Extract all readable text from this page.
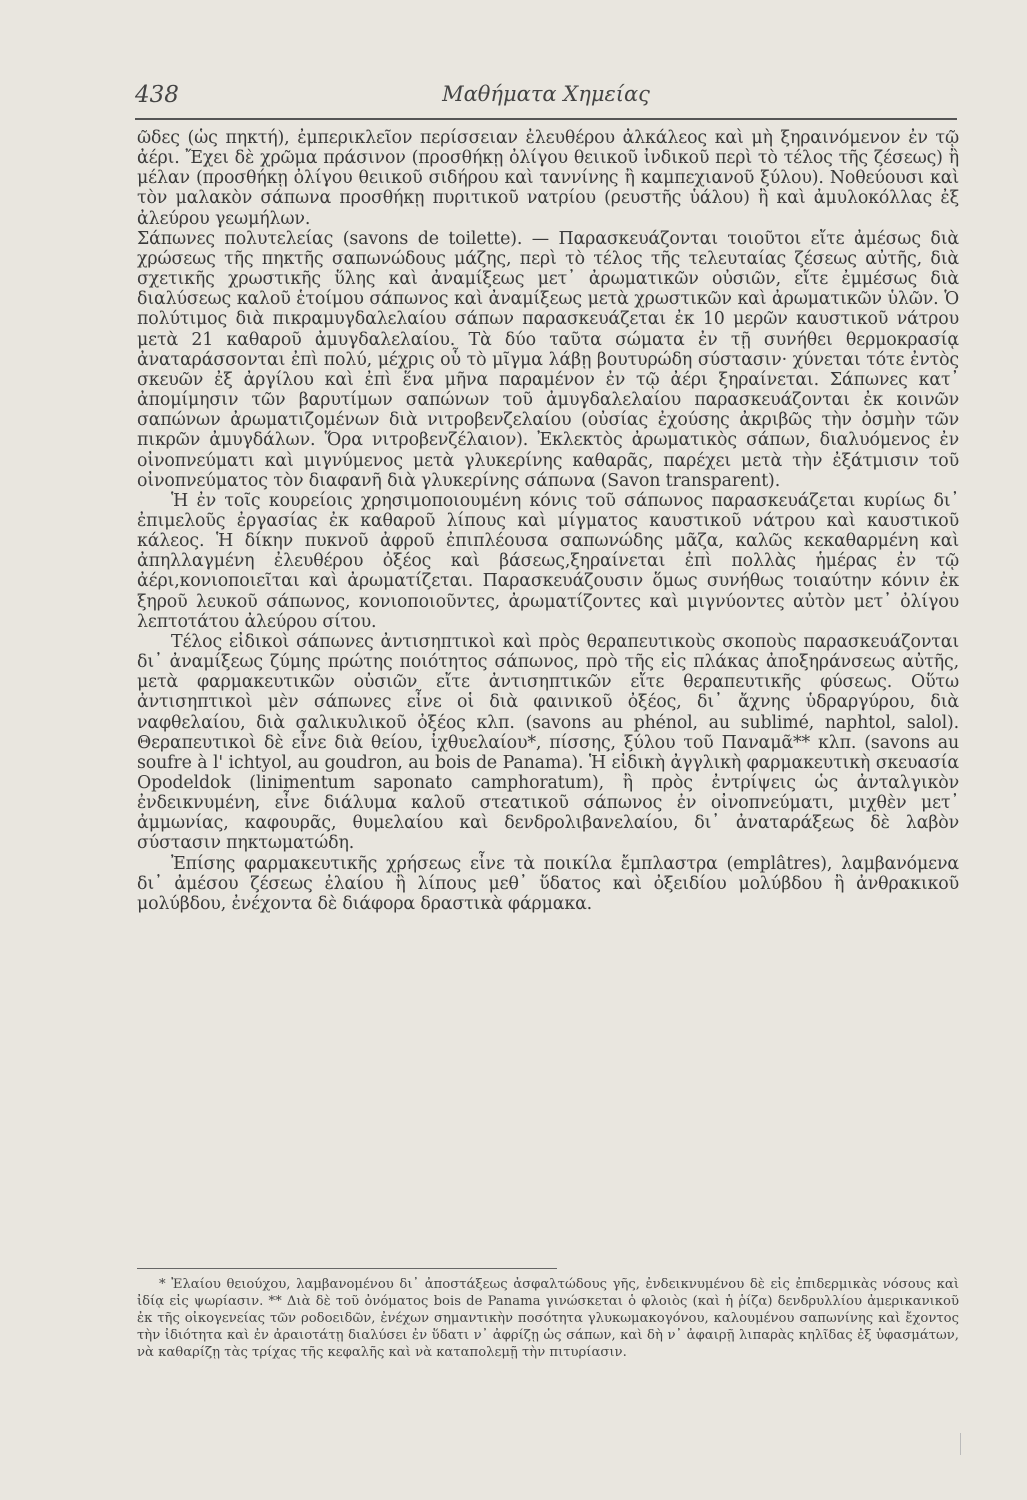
438	Μαθήματα Χημείας

ῶδες (ὡς πηκτή), ἐμπερικλεῖον περίσσειαν ἐλευθέρου ἀλκάλεος καὶ μὴ ξηραινόμενον ἐν τῷ ἀέρι. Ἔχει δὲ χρῶμα πράσινον (προσθήκῃ ὀλίγου θειικοῦ ἰνδικοῦ περὶ τὸ τέλος τῆς ζέσεως) ἢ μέλαν (προσθήκῃ ὀλίγου θειικοῦ σιδήρου καὶ ταννίνης ἢ καμπεχιανοῦ ξύλου). Νοθεύουσι καὶ τὸν μαλακὸν σάπωνα προσθήκῃ πυριτικοῦ νατρίου (ρευστῆς ὑάλου) ἢ καὶ ἀμυλοκόλλας ἐξ ἀλεύρου γεωμήλων.

Σάπωνες πολυτελείας (savons de toilette). — Παρασκευάζονται τοιοῦτοι εἴτε ἀμέσως διὰ χρώσεως τῆς πηκτῆς σαπωνώδους μάζης, περὶ τὸ τέλος τῆς τελευταίας ζέσεως αὐτῆς, διὰ σχετικῆς χρωστικῆς ὕλης καὶ ἀναμίξεως μετ᾽ ἀρωματικῶν οὐσιῶν, εἴτε ἐμμέσως διὰ διαλύσεως καλοῦ ἑτοίμου σάπωνος καὶ ἀναμίξεως μετὰ χρωστικῶν καὶ ἀρωματικῶν ὑλῶν. Ὁ πολύτιμος διὰ πικραμυγδαλελαίου σάπων παρασκευάζεται ἐκ 10 μερῶν καυστικοῦ νάτρου μετὰ 21 καθαροῦ ἀμυγδαλελαίου. Τὰ δύο ταῦτα σώματα ἐν τῇ συνήθει θερμοκρασίᾳ ἀναταράσσονται ἐπὶ πολύ, μέχρις οὗ τὸ μῖγμα λάβῃ βουτυρώδη σύστασιν· χύνεται τότε ἐντὸς σκευῶν ἐξ ἀργίλου καὶ ἐπὶ ἕνα μῆνα παραμένον ἐν τῷ ἀέρι ξηραίνεται. Σάπωνες κατ᾽ ἀπομίμησιν τῶν βαρυτίμων σαπώνων τοῦ ἀμυγδαλελαίου παρασκευάζονται ἐκ κοινῶν σαπώνων ἀρωματιζομένων διὰ νιτροβενζελαίου (οὐσίας ἐχούσης ἀκριβῶς τὴν ὀσμὴν τῶν πικρῶν ἀμυγδάλων. Ὅρα νιτροβενζέλαιον). Ἐκλεκτὸς ἀρωματικὸς σάπων, διαλυόμενος ἐν οἰνοπνεύματι καὶ μιγνύμενος μετὰ γλυκερίνης καθαρᾶς, παρέχει μετὰ τὴν ἐξάτμισιν τοῦ οἰνοπνεύματος τὸν διαφανῆ διὰ γλυκερίνης σάπωνα (Savon transparent).

Ἡ ἐν τοῖς κουρείοις χρησιμοποιουμένη κόνις τοῦ σάπωνος παρασκευάζεται κυρίως δι᾽ ἐπιμελοῦς ἐργασίας ἐκ καθαροῦ λίπους καὶ μίγματος καυστικοῦ νάτρου καὶ καυστικοῦ κάλεος. Ἡ δίκην πυκνοῦ ἀφροῦ ἐπιπλέουσα σαπωνώδης μᾶζα, καλῶς κεκαθαρμένη καὶ ἀπηλλαγμένη ἐλευθέρου ὀξέος καὶ βάσεως,ξηραίνεται ἐπὶ πολλὰς ἡμέρας ἐν τῷ ἀέρι,κονιοποιεῖται καὶ ἀρωματίζεται. Παρασκευάζουσιν ὅμως συνήθως τοιαύτην κόνιν ἐκ ξηροῦ λευκοῦ σάπωνος, κονιοποιοῦντες, ἀρωματίζοντες καὶ μιγνύοντες αὐτὸν μετ᾽ ὀλίγου λεπτοτάτου ἀλεύρου σίτου.

Τέλος εἰδικοὶ σάπωνες ἀντισηπτικοὶ καὶ πρὸς θεραπευτικοὺς σκοποὺς παρασκευάζονται δι᾽ ἀναμίξεως ζύμης πρώτης ποιότητος σάπωνος, πρὸ τῆς εἰς πλάκας ἀποξηράνσεως αὐτῆς, μετὰ φαρμακευτικῶν οὐσιῶν εἴτε ἀντισηπτικῶν εἴτε θεραπευτικῆς φύσεως. Οὕτω ἀντισηπτικοὶ μὲν σάπωνες εἶνε οἱ διὰ φαινικοῦ ὀξέος, δι᾽ ἄχνης ὑδραργύρου, διὰ ναφθελαίου, διὰ σαλικυλικοῦ ὀξέος κλπ. (savons au phénol, au sublimé, naphtol, salol). Θεραπευτικοὶ δὲ εἶνε διὰ θείου, ἰχθυελαίου*, πίσσης, ξύλου τοῦ Παναμᾶ** κλπ. (savons au soufre à l' ichtyol, au goudron, au bois de Panama). Ἡ εἰδικὴ ἀγγλικὴ φαρμακευτικὴ σκευασία Opodeldok (linimentum saponato camphoratum), ἢ πρὸς ἐντρίψεις ὡς ἀνταλγικὸν ἐνδεικνυμένη, εἶνε διάλυμα καλοῦ στεατικοῦ σάπωνος ἐν οἰνοπνεύματι, μιχθὲν μετ᾽ ἀμμωνίας, καφουρᾶς, θυμελαίου καὶ δενδρολιβανελαίου, δι᾽ ἀναταράξεως δὲ λαβὸν σύστασιν πηκτωματώδη.

Ἐπίσης φαρμακευτικῆς χρήσεως εἶνε τὰ ποικίλα ἔμπλαστρα (emplâtres), λαμβανόμενα δι᾽ ἀμέσου ζέσεως ἐλαίου ἢ λίπους μεθ᾽ ὕδατος καὶ ὀξειδίου μολύβδου ἢ ἀνθρακικοῦ μολύβδου, ἐνέχοντα δὲ διάφορα δραστικὰ φάρμακα.

* Ἐλαίου θειούχου, λαμβανομένου δι᾽ ἀποστάξεως ἀσφαλτώδους γῆς, ἐνδεικνυμένου δὲ εἰς ἐπιδερμικὰς νόσους καὶ ἰδίᾳ εἰς ψωρίασιν. ** Διὰ δὲ τοῦ ὀνόματος bois de Panama γινώσκεται ὁ φλοιὸς (καὶ ἡ ῥίζα) δενδρυλλίου ἀμερικανικοῦ ἐκ τῆς οἰκογενείας τῶν ροδοειδῶν, ἐνέχων σημαντικὴν ποσότητα γλυκωμακογόνου, καλουμένου σαπωνίνης καὶ ἔχοντος τὴν ἰδιότητα καὶ ἐν ἀραιοτάτῃ διαλύσει ἐν ὕδατι ν᾽ ἀφρίζῃ ὡς σάπων, καὶ δὴ ν᾽ ἀφαιρῇ λιπαρὰς κηλῖδας ἐξ ὑφασμάτων, νὰ καθαρίζῃ τὰς τρίχας τῆς κεφαλῆς καὶ νὰ καταπολεμῇ τὴν πιτυρίασιν.
